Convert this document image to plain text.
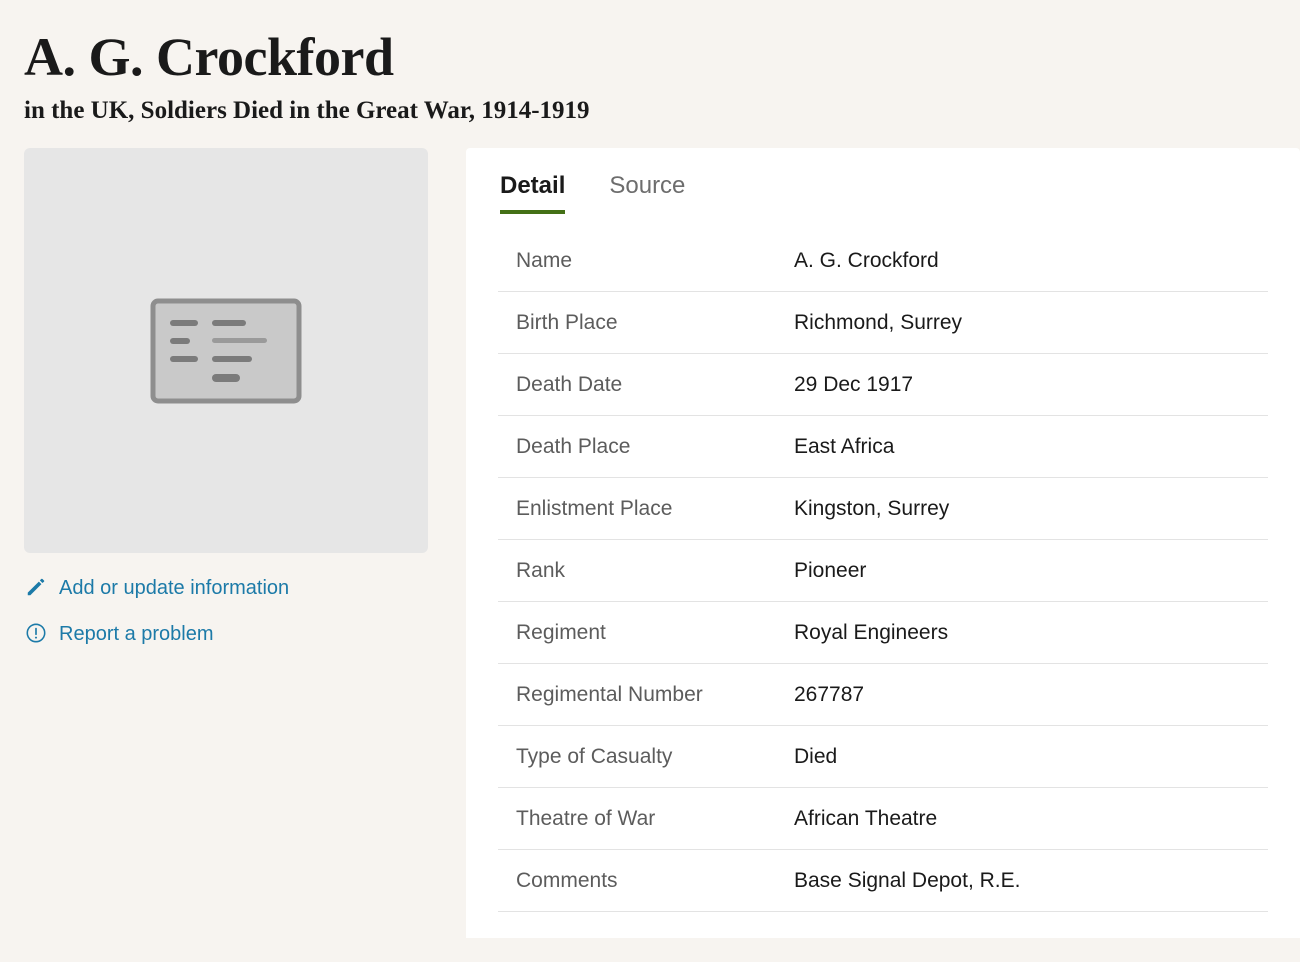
A. G. Crockford
in the UK, Soldiers Died in the Great War, 1914-1919
Add or update information
Report a problem
Detail Source
Name	A. G. Crockford
Birth Place	Richmond, Surrey
Death Date	29 Dec 1917
Death Place	East Africa
Enlistment Place	Kingston, Surrey
Rank	Pioneer
Regiment	Royal Engineers
Regimental Number	267787
Type of Casualty	Died
Theatre of War	African Theatre
Comments	Base Signal Depot, R.E.
